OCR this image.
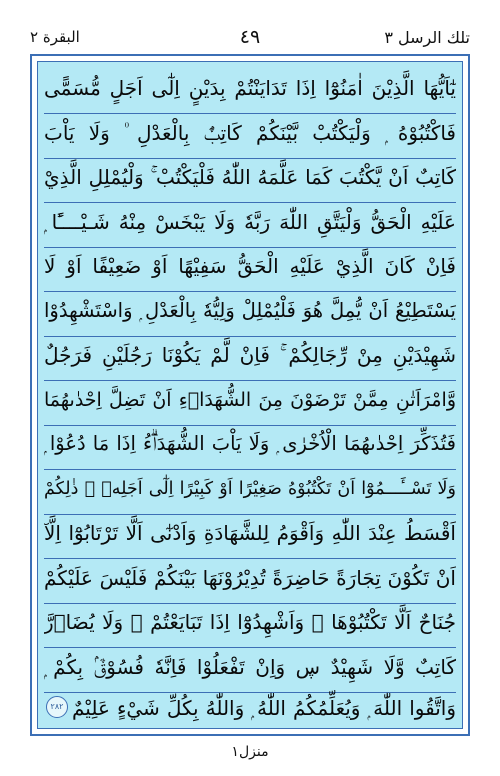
تلك الرسل ٣
٤٩
البقرة ٢
يٰٓاَيُّهَا الَّذِيْنَ اٰمَنُوْٓا اِذَا تَدَايَنْتُمْ بِدَيْنٍ اِلٰٓى اَجَلٍ مُّسَمًّى
فَاكْتُبُوْهُ ۭ وَلْيَكْتُبْ بَّيْنَكُمْ كَاتِبٌۢ بِالْعَدْلِ ۠ وَلَا يَاْبَ
كَاتِبٌ اَنْ يَّكْتُبَ كَمَا عَلَّمَهُ اللّٰهُ فَلْيَكْتُبْ ۚ وَلْيُمْلِلِ الَّذِيْ
عَلَيْهِ الْحَقُّ وَلْيَتَّقِ اللّٰهَ رَبَّهٗ وَلَا يَبْخَسْ مِنْهُ شَـيْــــًٔا ۭ
فَاِنْ كَانَ الَّذِيْ عَلَيْهِ الْحَقُّ سَفِيْهًا اَوْ ضَعِيْفًا اَوْ لَا
يَسْتَطِيْعُ اَنْ يُّمِلَّ ھُوَ فَلْيُمْلِلْ وَلِيُّهٗ بِالْعَدْلِ ۭ وَاسْتَشْهِدُوْا
شَهِيْدَيْنِ مِنْ رِّجَالِكُمْ ۚ فَاِنْ لَّمْ يَكُوْنَا رَجُلَيْنِ فَرَجُلٌ
وَّامْرَاَتٰنِ مِمَّنْ تَرْضَوْنَ مِنَ الشُّهَدَاۗءِ اَنْ تَضِلَّ اِحْدٰىھُمَا
فَتُذَكِّرَ اِحْدٰىهُمَا الْاُخْرٰى ۭ وَلَا يَاْبَ الشُّهَدَاۗءُ اِذَا مَا دُعُوْا ۭ
وَلَا تَسْــَٔـــمُوْٓا اَنْ تَكْتُبُوْهُ صَغِيْرًا اَوْ كَبِيْرًا اِلٰٓى اَجَلِهٖ ۭ ذٰلِكُمْ
اَقْسَطُ عِنْدَ اللّٰهِ وَاَقْوَمُ لِلشَّهَادَةِ وَاَدْنٰٓى اَلَّا تَرْتَابُوْٓا اِلَّآ
اَنْ تَكُوْنَ تِجَارَةً حَاضِرَةً تُدِيْرُوْنَهَا بَيْنَكُمْ فَلَيْسَ عَلَيْكُمْ
جُنَاحٌ اَلَّا تَكْتُبُوْھَا ۭ وَاَشْهِدُوْٓا اِذَا تَبَايَعْتُمْ ۠ وَلَا يُضَاۗرَّ
كَاتِبٌ وَّلَا شَهِيْدٌ ڛ وَاِنْ تَفْعَلُوْا فَاِنَّهٗ فُسُوْقٌۢ بِكُمْ ۭ
وَاتَّقُوا اللّٰهَ ۭ وَيُعَلِّمُكُمُ اللّٰهُ ۭ وَاللّٰهُ بِكُلِّ شَيْءٍ عَلِيْمٌ
٢٨٢
منزل١
